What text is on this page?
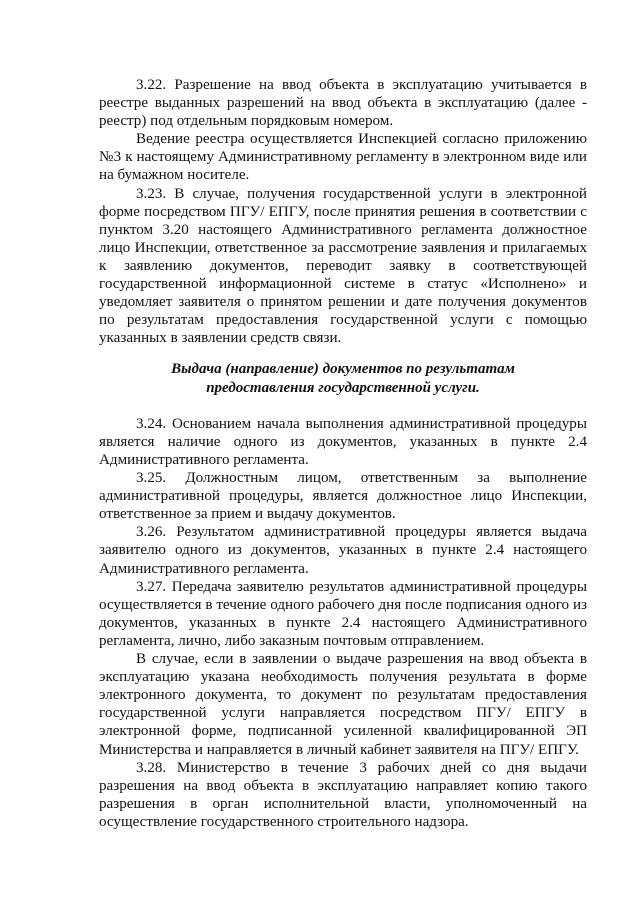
3.22. Разрешение на ввод объекта в эксплуатацию учитывается в реестре выданных разрешений на ввод объекта в эксплуатацию (далее - реестр) под отдельным порядковым номером.

Ведение реестра осуществляется Инспекцией согласно приложению №3 к настоящему Административному регламенту в электронном виде или на бумажном носителе.

3.23. В случае, получения государственной услуги в электронной форме посредством ПГУ/ ЕПГУ, после принятия решения в соответствии с пунктом 3.20 настоящего Административного регламента должностное лицо Инспекции, ответственное за рассмотрение заявления и прилагаемых к заявлению документов, переводит заявку в соответствующей государственной информационной системе в статус «Исполнено» и уведомляет заявителя о принятом решении и дате получения документов по результатам предоставления государственной услуги с помощью указанных в заявлении средств связи.

Выдача (направление) документов по результатам
предоставления государственной услуги.

3.24. Основанием начала выполнения административной процедуры является наличие одного из документов, указанных в пункте 2.4 Административного регламента.

3.25. Должностным лицом, ответственным за выполнение административной процедуры, является должностное лицо Инспекции, ответственное за прием и выдачу документов.

3.26. Результатом административной процедуры является выдача заявителю одного из документов, указанных в пункте 2.4 настоящего Административного регламента.

3.27. Передача заявителю результатов административной процедуры осуществляется в течение одного рабочего дня после подписания одного из документов, указанных в пункте 2.4 настоящего Административного регламента, лично, либо заказным почтовым отправлением.

В случае, если в заявлении о выдаче разрешения на ввод объекта в эксплуатацию указана необходимость получения результата в форме электронного документа, то документ по результатам предоставления государственной услуги направляется посредством ПГУ/ ЕПГУ в электронной форме, подписанной усиленной квалифицированной ЭП Министерства и направляется в личный кабинет заявителя на ПГУ/ ЕПГУ.

3.28. Министерство в течение 3 рабочих дней со дня выдачи разрешения на ввод объекта в эксплуатацию направляет копию такого разрешения в орган исполнительной власти, уполномоченный на осуществление государственного строительного надзора.
